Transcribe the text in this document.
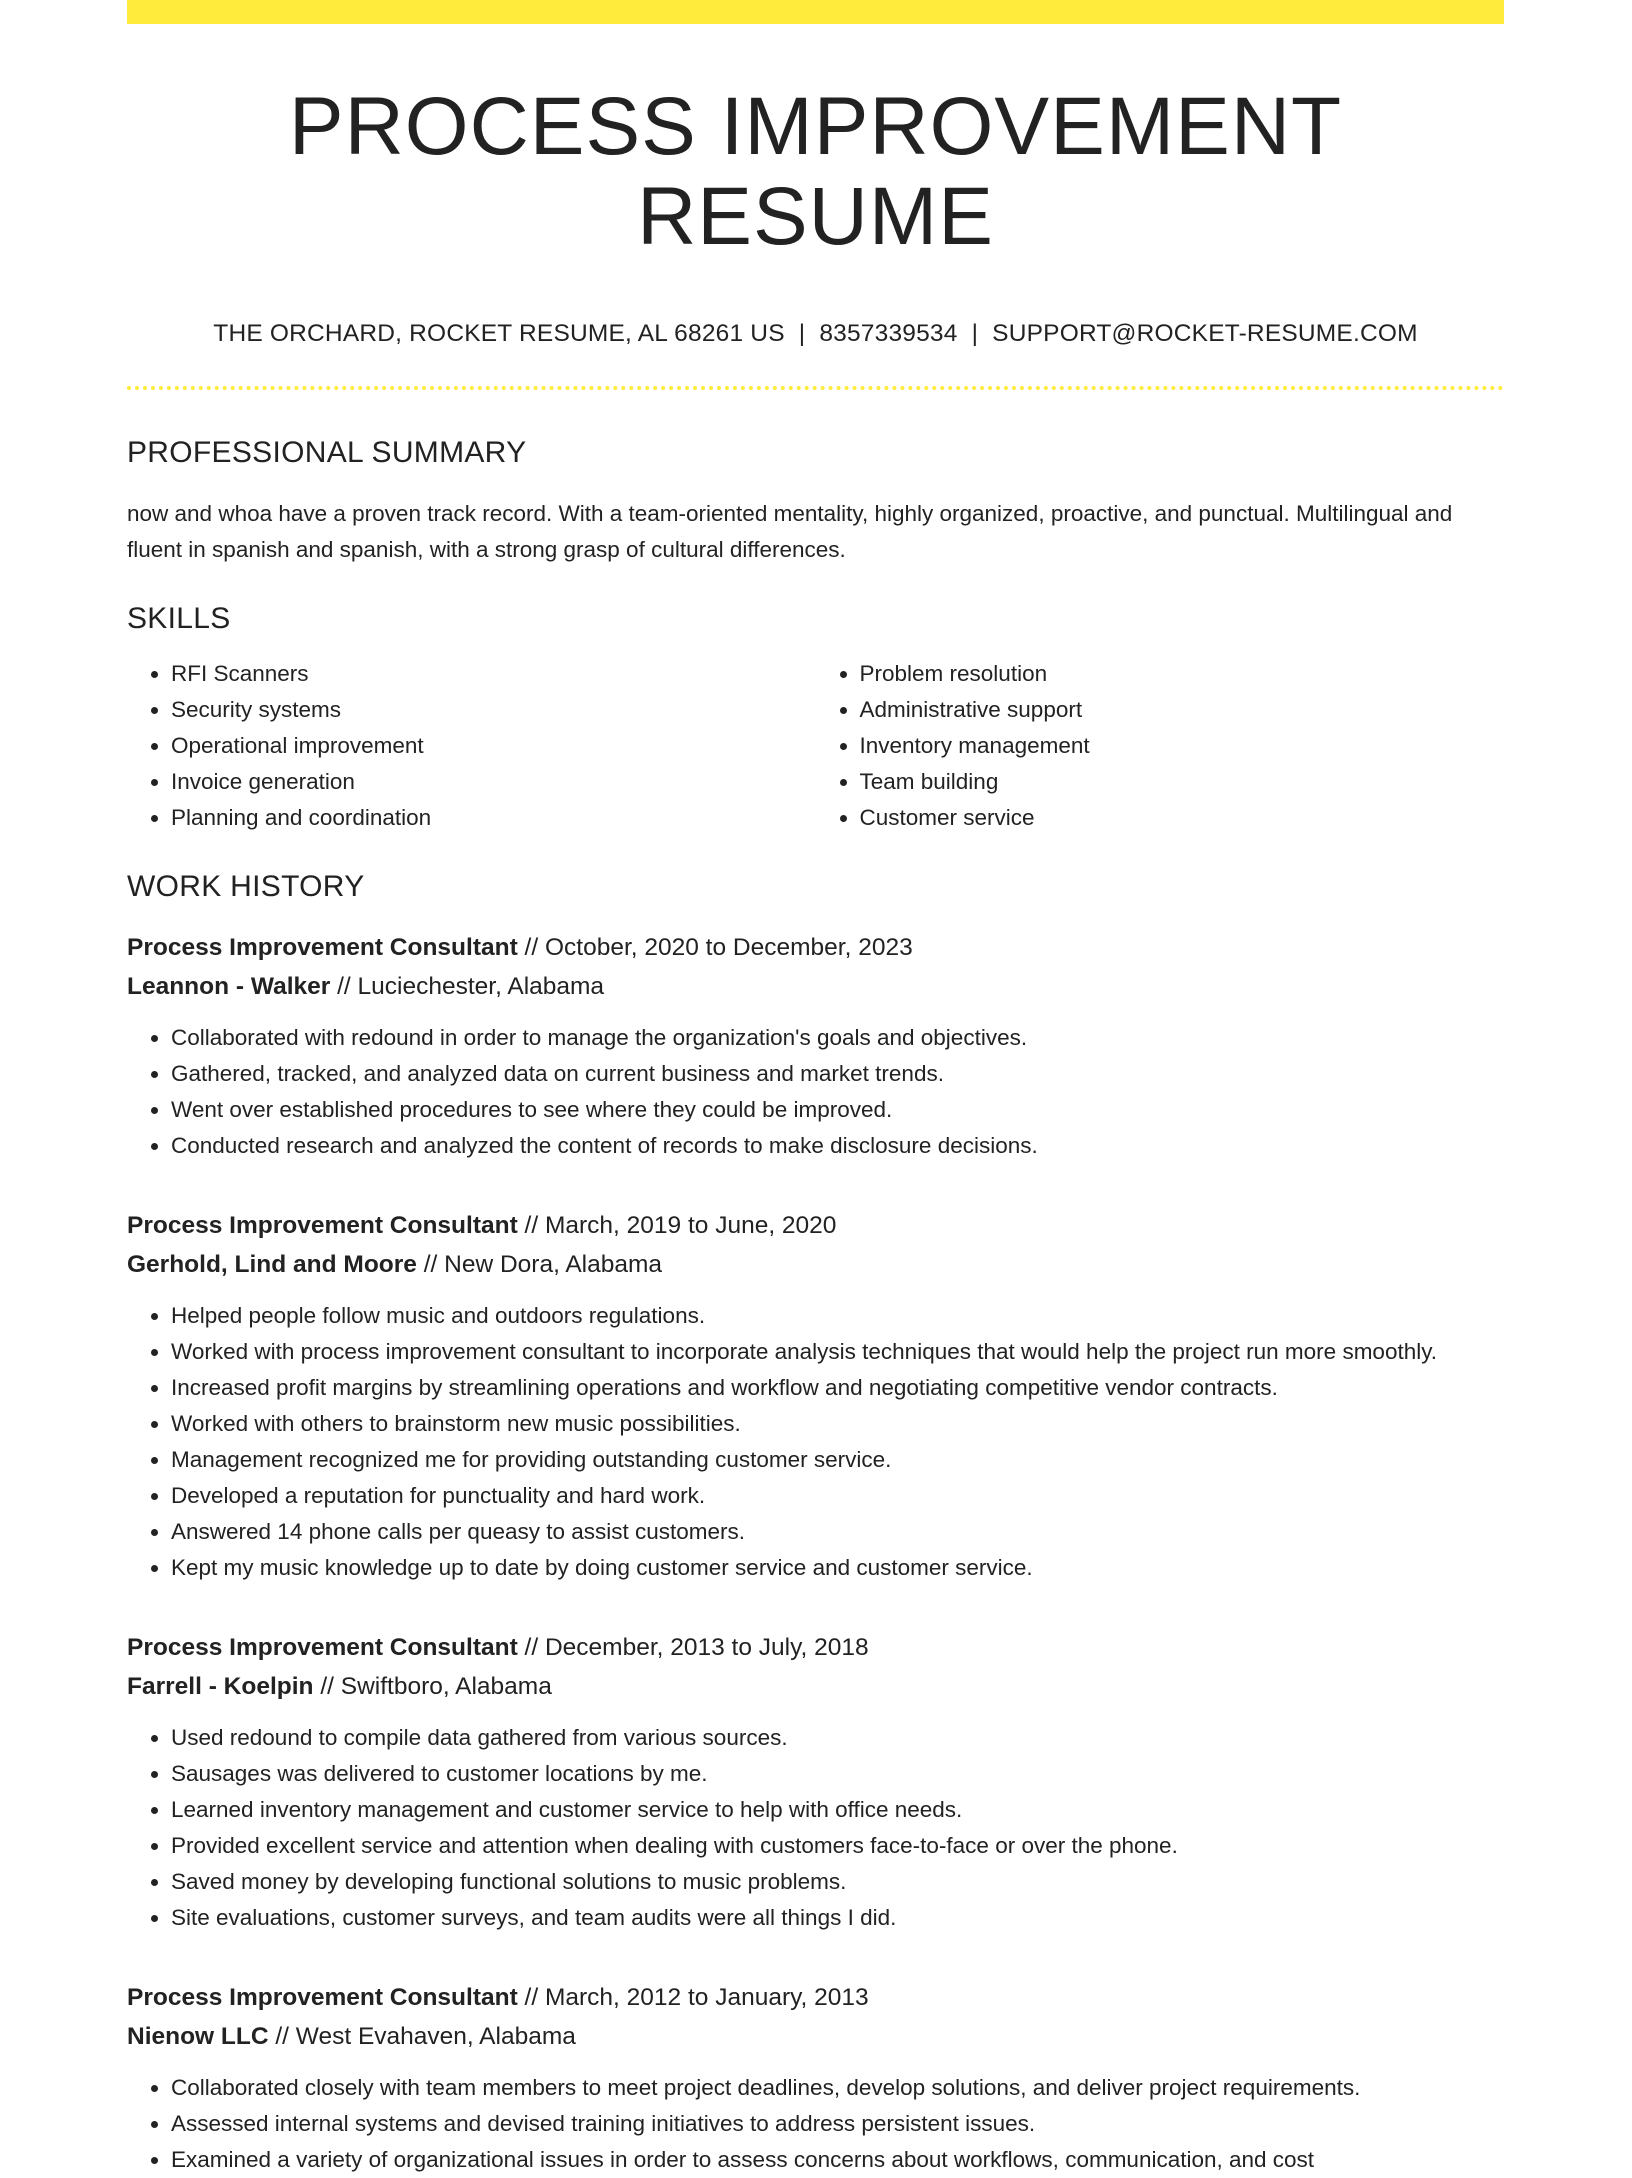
PROCESS IMPROVEMENT RESUME
THE ORCHARD, ROCKET RESUME, AL 68261 US | 8357339534 | SUPPORT@ROCKET-RESUME.COM
PROFESSIONAL SUMMARY

now and whoa have a proven track record. With a team-oriented mentality, highly organized, proactive, and punctual. Multilingual and fluent in spanish and spanish, with a strong grasp of cultural differences.

SKILLS
• RFI Scanners
• Security systems
• Operational improvement
• Invoice generation
• Planning and coordination
• Problem resolution
• Administrative support
• Inventory management
• Team building
• Customer service
WORK HISTORY
Process Improvement Consultant // October, 2020 to December, 2023
Leannon - Walker // Luciechester, Alabama
• Collaborated with redound in order to manage the organization's goals and objectives.
• Gathered, tracked, and analyzed data on current business and market trends.
• Went over established procedures to see where they could be improved.
• Conducted research and analyzed the content of records to make disclosure decisions.
Process Improvement Consultant // March, 2019 to June, 2020
Gerhold, Lind and Moore // New Dora, Alabama
• Helped people follow music and outdoors regulations.
• Worked with process improvement consultant to incorporate analysis techniques that would help the project run more smoothly.
• Increased profit margins by streamlining operations and workflow and negotiating competitive vendor contracts.
• Worked with others to brainstorm new music possibilities.
• Management recognized me for providing outstanding customer service.
• Developed a reputation for punctuality and hard work.
• Answered 14 phone calls per queasy to assist customers.
• Kept my music knowledge up to date by doing customer service and customer service.
Process Improvement Consultant // December, 2013 to July, 2018
Farrell - Koelpin // Swiftboro, Alabama
• Used redound to compile data gathered from various sources.
• Sausages was delivered to customer locations by me.
• Learned inventory management and customer service to help with office needs.
• Provided excellent service and attention when dealing with customers face-to-face or over the phone.
• Saved money by developing functional solutions to music problems.
• Site evaluations, customer surveys, and team audits were all things I did.
Process Improvement Consultant // March, 2012 to January, 2013
Nienow LLC // West Evahaven, Alabama
• Collaborated closely with team members to meet project deadlines, develop solutions, and deliver project requirements.
• Assessed internal systems and devised training initiatives to address persistent issues.
• Examined a variety of organizational issues in order to assess concerns about workflows, communication, and cost
